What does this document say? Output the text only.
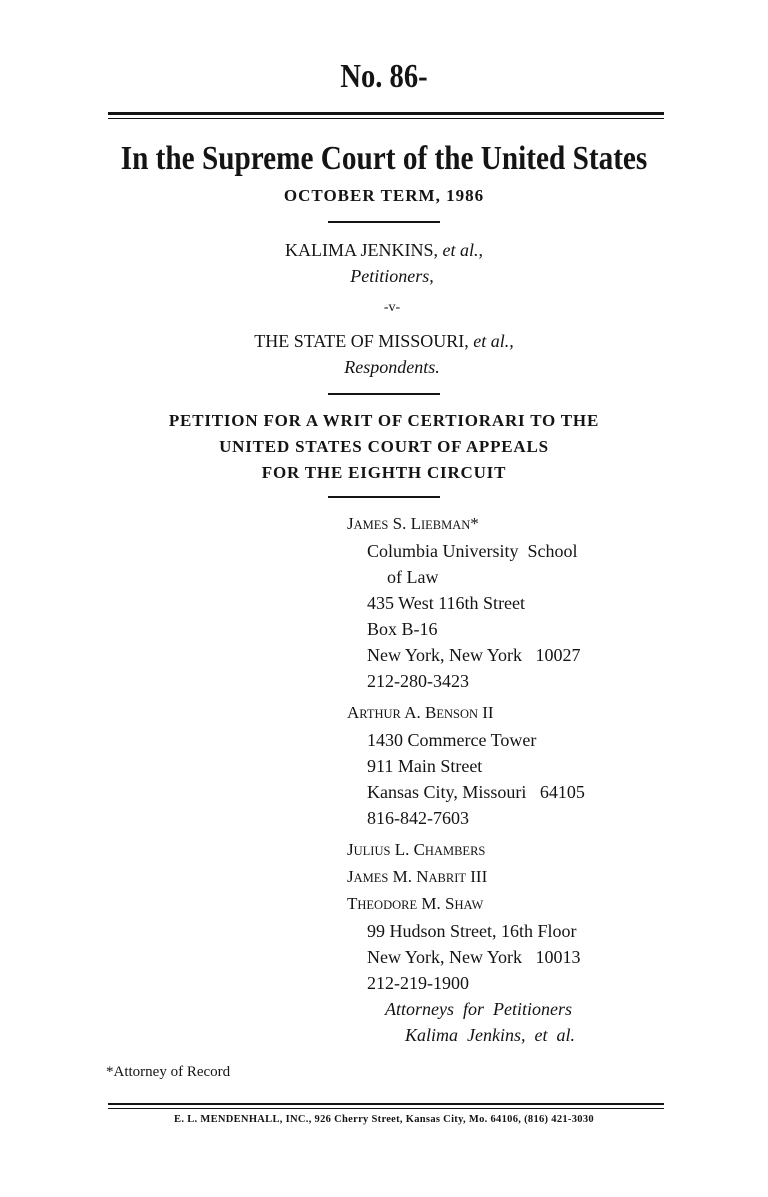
No. 86-
In the Supreme Court of the United States
OCTOBER TERM, 1986
KALIMA JENKINS, et al.,
Petitioners,
-v-
THE STATE OF MISSOURI, et al.,
Respondents.
PETITION FOR A WRIT OF CERTIORARI TO THE
UNITED STATES COURT OF APPEALS
FOR THE EIGHTH CIRCUIT
JAMES S. LIEBMAN*
Columbia University  School
of Law
435 West 116th Street
Box B-16
New York, New York   10027
212-280-3423
ARTHUR A. BENSON II
1430 Commerce Tower
911 Main Street
Kansas City, Missouri   64105
816-842-7603
JULIUS L. CHAMBERS
JAMES M. NABRIT III
THEODORE M. SHAW
99 Hudson Street, 16th Floor
New York, New York   10013
212-219-1900
Attorneys  for  Petitioners
Kalima  Jenkins,  et  al.
*Attorney of Record
E. L. MENDENHALL, INC., 926 Cherry Street, Kansas City, Mo. 64106, (816) 421-3030
